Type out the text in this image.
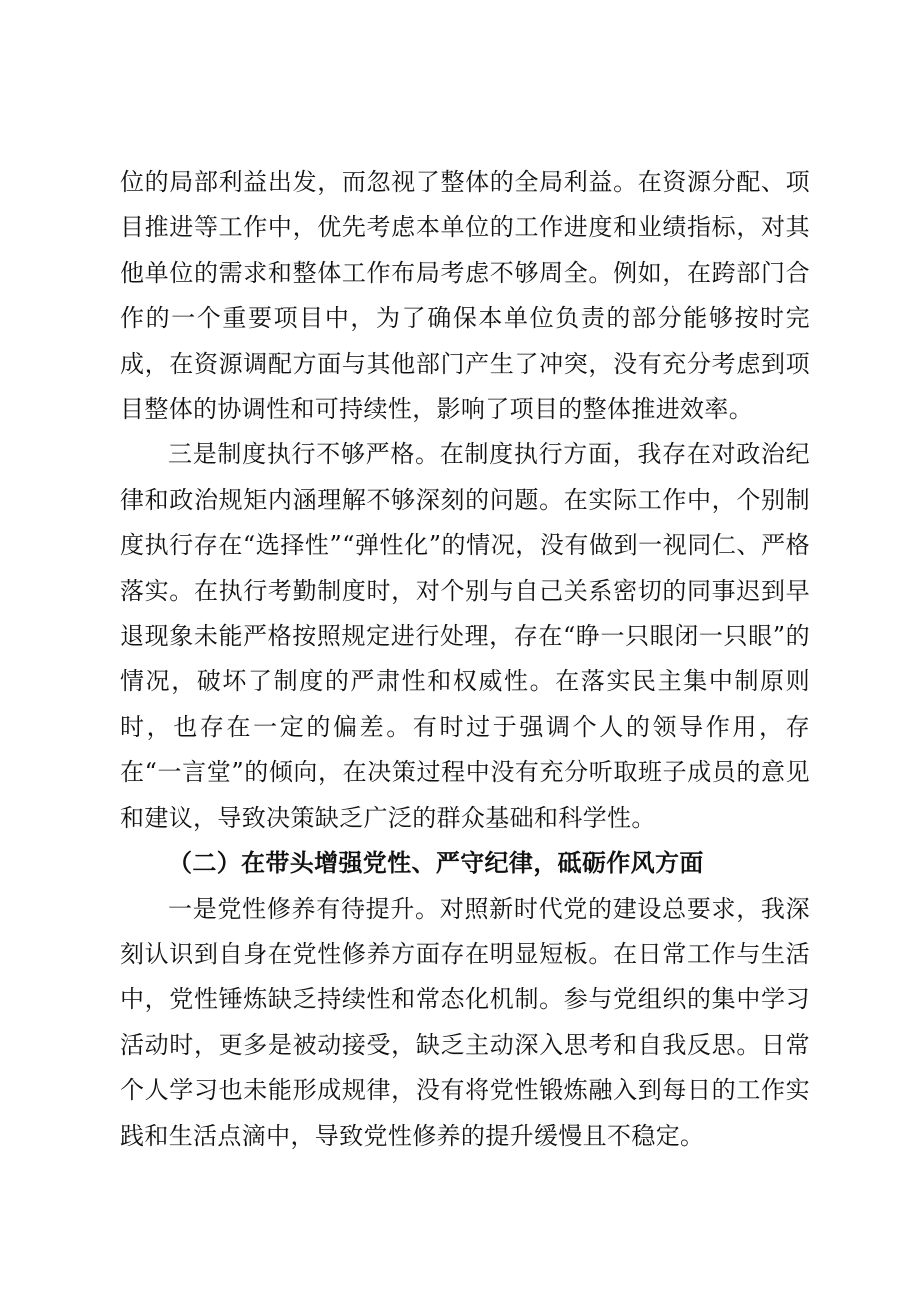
位的局部利益出发，而忽视了整体的全局利益。在资源分配、项目推进等工作中，优先考虑本单位的工作进度和业绩指标，对其他单位的需求和整体工作布局考虑不够周全。例如，在跨部门合作的一个重要项目中，为了确保本单位负责的部分能够按时完成，在资源调配方面与其他部门产生了冲突，没有充分考虑到项目整体的协调性和可持续性，影响了项目的整体推进效率。

三是制度执行不够严格。在制度执行方面，我存在对政治纪律和政治规矩内涵理解不够深刻的问题。在实际工作中，个别制度执行存在“选择性”“弹性化”的情况，没有做到一视同仁、严格落实。在执行考勤制度时，对个别与自己关系密切的同事迟到早退现象未能严格按照规定进行处理，存在“睁一只眼闭一只眼”的情况，破坏了制度的严肃性和权威性。在落实民主集中制原则时，也存在一定的偏差。有时过于强调个人的领导作用，存在“一言堂”的倾向，在决策过程中没有充分听取班子成员的意见和建议，导致决策缺乏广泛的群众基础和科学性。

（二）在带头增强党性、严守纪律，砥砺作风方面

一是党性修养有待提升。对照新时代党的建设总要求，我深刻认识到自身在党性修养方面存在明显短板。在日常工作与生活中，党性锤炼缺乏持续性和常态化机制。参与党组织的集中学习活动时，更多是被动接受，缺乏主动深入思考和自我反思。日常个人学习也未能形成规律，没有将党性锻炼融入到每日的工作实践和生活点滴中，导致党性修养的提升缓慢且不稳定。
